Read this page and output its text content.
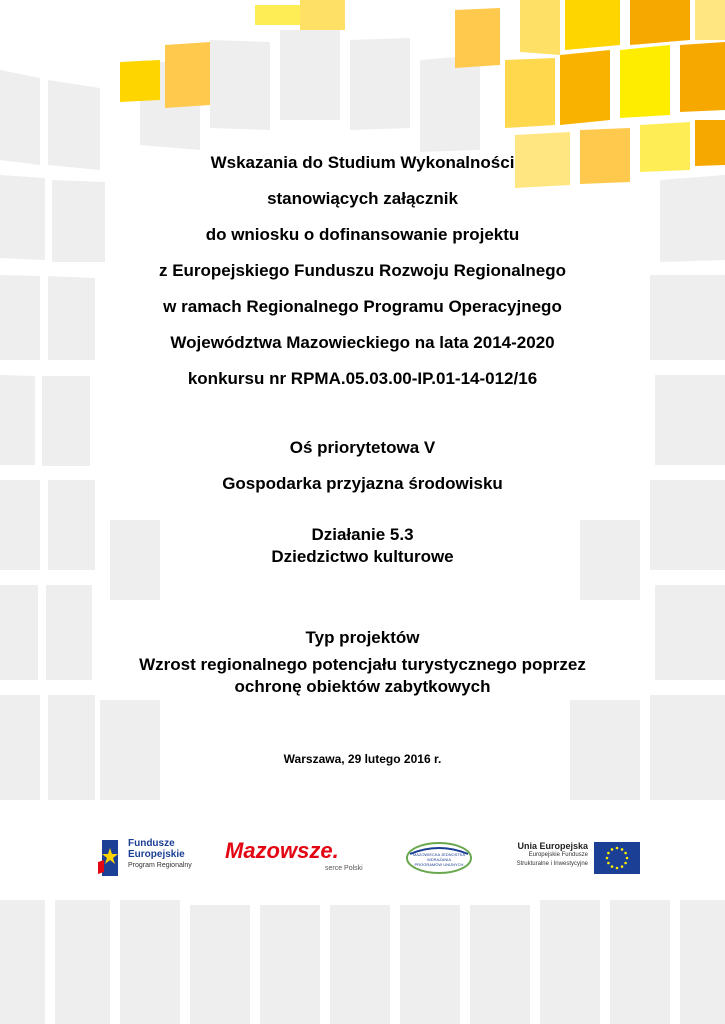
Wskazania do Studium Wykonalności
stanowiących załącznik
do wniosku o dofinansowanie projektu
z Europejskiego Funduszu Rozwoju Regionalnego
w ramach Regionalnego Programu Operacyjnego
Województwa Mazowieckiego na lata 2014-2020
konkursu nr RPMA.05.03.00-IP.01-14-012/16
Oś priorytetowa V
Gospodarka przyjazna środowisku
Działanie 5.3
Dziedzictwo kulturowe
Typ projektów
Wzrost regionalnego potencjału turystycznego poprzez
ochronę obiektów zabytkowych
Warszawa, 29 lutego 2016 r.
Fundusze
Europejskie
Program Regionalny
Mazowsze.
serce Polski
MAZOWIECKA JEDNOSTKA
WDRAŻANIA
PROGRAMÓW UNIJNYCH
Unia Europejska
Europejskie Fundusze
Strukturalne i Inwestycyjne
